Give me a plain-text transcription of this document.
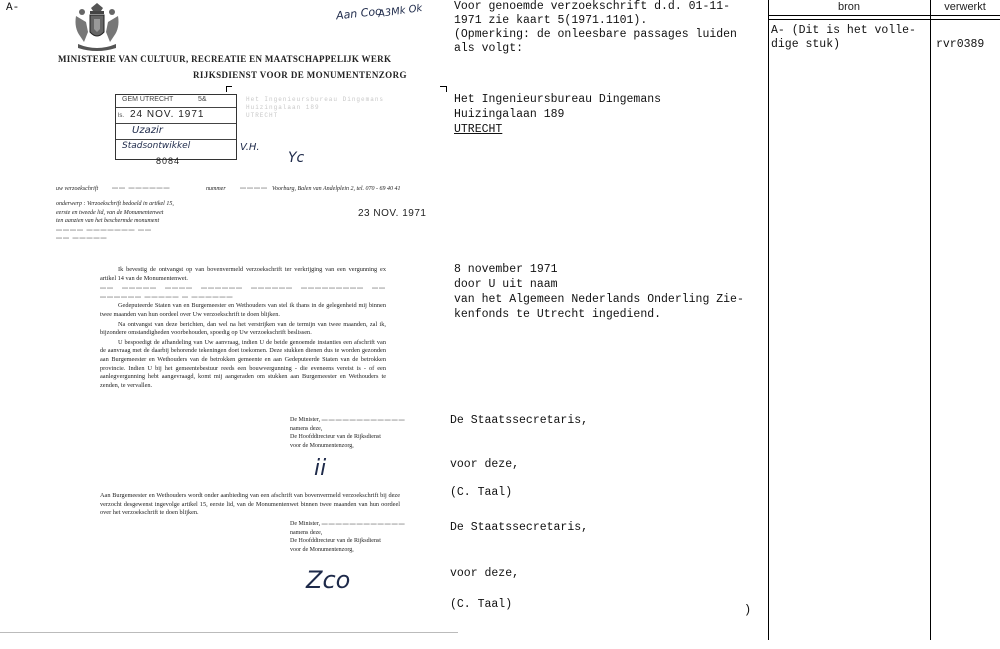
A-	Aan Coo
A3Mk Ok
MINISTERIE VAN CULTUUR, RECREATIE EN MAATSCHAPPELIJK WERK
RIJKSDIENST VOOR DE MONUMENTENZORG
GEM UTRECHT	5&
ls. 24 NOV. 1971
Uzazir
Stadsontwikkel
8084
V.H.
Yc
Het Ingenieursbureau Dingemans
Huizingalaan 189
UTRECHT
uw verzoekschrift ▬▬ ▬▬▬▬▬▬	nummer ▬▬▬▬ Voorburg, Balen van Andelplein 2, tel. 070 - 69 40 41
onderwerp : Verzoekschrift bedoeld in artikel 15,
eerste en tweede lid, van de Monumentenwet
ten aanzien van het beschermde monument
▬▬▬▬ ▬▬▬▬▬▬▬ ▬▬
▬▬ ▬▬▬▬▬
23 NOV. 1971

Ik bevestig de ontvangst op van bovenvermeld verzoekschrift ter verkrijging van een vergunning ex artikel 14 van de Monumentenwet.

▬▬ ▬▬▬▬▬ ▬▬▬▬ ▬▬▬▬▬▬ ▬▬▬▬▬▬ ▬▬▬▬▬▬▬▬▬ ▬▬ ▬▬▬▬▬▬ ▬▬▬▬▬ ▬ ▬▬▬▬▬▬

Gedeputeerde Staten van en Burgemeester en Wethouders van stel ik thans in de gelegenheid mij binnen twee maanden van hun oordeel over Uw verzoekschrift te doen blijken.

Na ontvangst van deze berichten, dan wel na het verstrijken van de termijn van twee maanden, zal ik, bijzondere omstandigheden voorbehouden, spoedig op Uw verzoekschrift beslissen.

U bespoedigt de afhandeling van Uw aanvraag, indien U de beide genoemde instanties een afschrift van de aanvraag met de daarbij behorende tekeningen doet toekomen. Deze stukken dienen dus te worden gezonden aan Burgemeester en Wethouders van de betrokken gemeente en aan Gedeputeerde Staten van de betrokken provincie. Indien U bij het gemeentebestuur reeds een bouwvergunning - die eveneens vereist is - of een aanlegvergunning hebt aangevraagd, komt mij aangeraden om stukken aan Burgemeester en Wethouders te zenden, te vervallen.

De Minister, ▬▬▬▬▬▬▬▬▬▬▬▬
namens deze,
De Hoofddirecteur van de Rijksdienst
voor de Monumentenzorg,
ii
Aan Burgemeester en Wethouders wordt onder aanbieding van een afschrift van bovenvermeld verzoekschrift bij deze verzocht desgewenst ingevolge artikel 15, eerste lid, van de Monumentenwet binnen twee maanden van hun oordeel over het verzoekschrift te doen blijken.
De Minister, ▬▬▬▬▬▬▬▬▬▬▬▬
namens deze,
De Hoofddirecteur van de Rijksdienst
voor de Monumentenzorg,
Zco
Voor genoemde verzoekschrift d.d. 01-11-
1971 zie kaart 5(1971.1101).
(Opmerking: de onleesbare passages luiden
als volgt:
Het Ingenieursbureau Dingemans
Huizingalaan 189
UTRECHT
8 november 1971
door U uit naam
van het Algemeen Nederlands Onderling Zie-
kenfonds te Utrecht ingediend.
De Staatssecretaris,
voor deze,
(C. Taal)
De Staatssecretaris,
voor deze,
(C. Taal)	)
bron	verwerkt
A- (Dit is het volle-
dige stuk)	rvr0389
